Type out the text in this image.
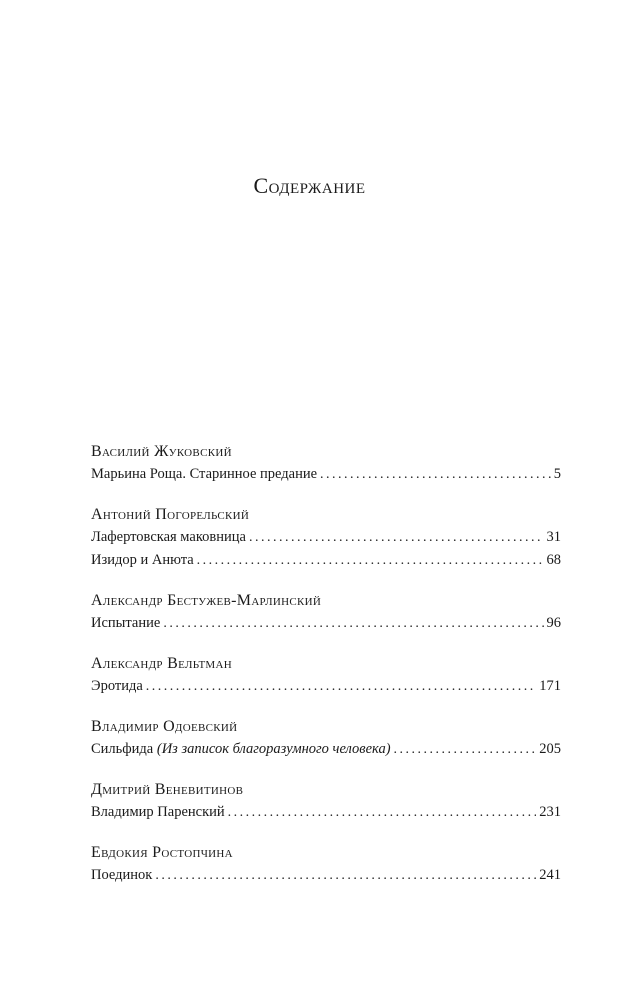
Содержание
Василий Жуковский
Марьина Роща. Старинное предание . . .	5
Антоний Погорельский
Лафертовская маковница . . .	31
Изидор и Анюта . . .	68
Александр Бестужев-Марлинский
Испытание . . .	96
Александр Вельтман
Эротида . . .	171
Владимир Одоевский
Сильфида (Из записок благоразумного человека) . . .	205
Дмитрий Веневитинов
Владимир Паренский . . .	231
Евдокия Ростопчина
Поединок . . .	241
